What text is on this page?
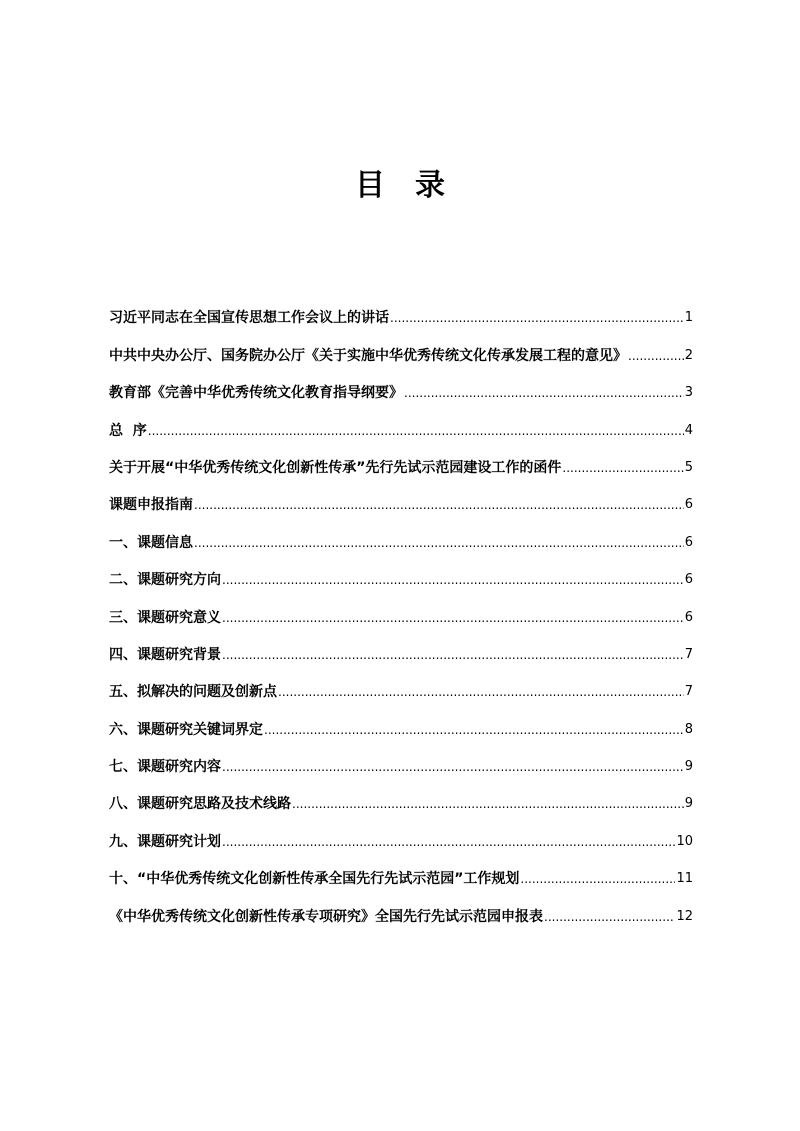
目 录
习近平同志在全国宣传思想工作会议上的讲话 .....	1
中共中央办公厅、国务院办公厅《关于实施中华优秀传统文化传承发展工程的意见》 .....	2
教育部《完善中华优秀传统文化教育指导纲要》 .....	3
总  序 .....	4
关于开展“中华优秀传统文化创新性传承”先行先试示范园建设工作的函件 .....	5
课题申报指南 .....	6
一、课题信息 .....	6
二、课题研究方向 .....	6
三、课题研究意义 .....	6
四、课题研究背景 .....	7
五、拟解决的问题及创新点 .....	7
六、课题研究关键词界定 .....	8
七、课题研究内容 .....	9
八、课题研究思路及技术线路 .....	9
九、课题研究计划 .....	10
十、“中华优秀传统文化创新性传承全国先行先试示范园”工作规划 .....	11
《中华优秀传统文化创新性传承专项研究》全国先行先试示范园申报表 .....	12
